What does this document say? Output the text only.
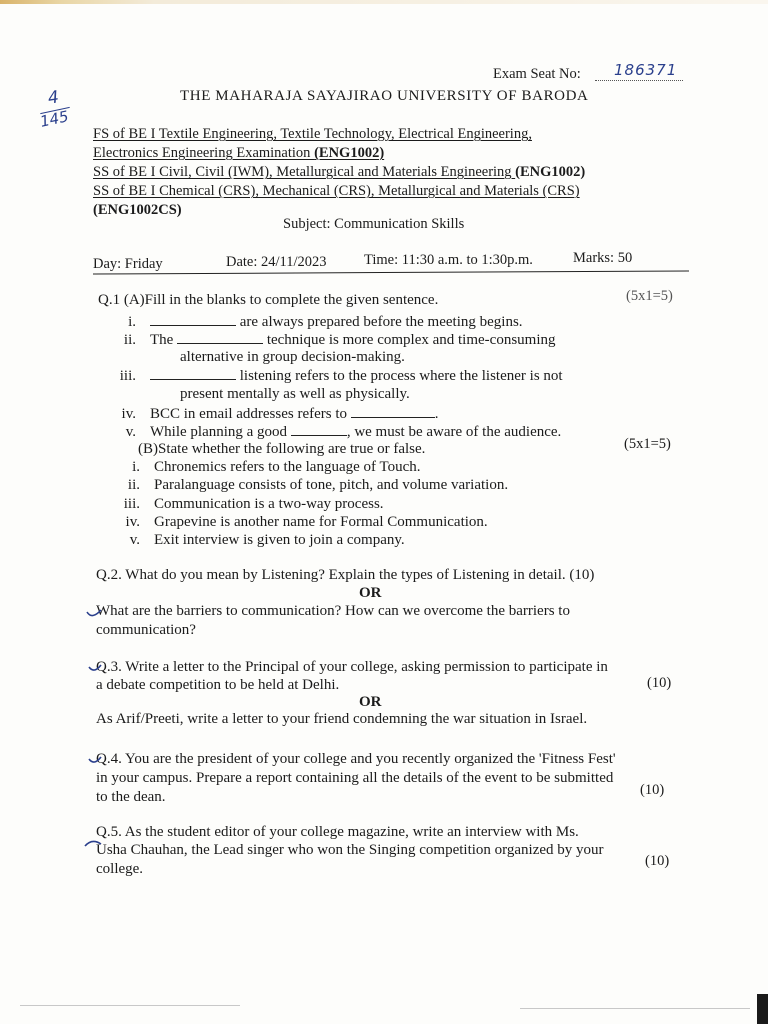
Exam Seat No: 186371
4
145
THE MAHARAJA SAYAJIRAO UNIVERSITY OF BARODA
FS of BE I Textile Engineering, Textile Technology, Electrical Engineering,
Electronics Engineering Examination (ENG1002)
SS of BE I Civil, Civil (IWM), Metallurgical and Materials Engineering (ENG1002)
SS of BE I Chemical (CRS), Mechanical (CRS), Metallurgical and Materials (CRS)
(ENG1002CS)
Subject: Communication Skills
Day: Friday	Date: 24/11/2023	Time: 11:30 a.m. to 1:30p.m.	Marks: 50
Q.1 (A)Fill in the blanks to complete the given sentence.	(5x1=5)
i.	are always prepared before the meeting begins.
ii. The	technique is more complex and time-consuming
alternative in group decision-making.
iii.	listening refers to the process where the listener is not
present mentally as well as physically.
iv. BCC in email addresses refers to	.
v. While planning a good	, we must be aware of the audience.
(B)State whether the following are true or false.	(5x1=5)
i. Chronemics refers to the language of Touch.
ii. Paralanguage consists of tone, pitch, and volume variation.
iii. Communication is a two-way process.
iv. Grapevine is another name for Formal Communication.
v. Exit interview is given to join a company.
Q.2. What do you mean by Listening? Explain the types of Listening in detail. (10)
OR
What are the barriers to communication? How can we overcome the barriers to
communication?
Q.3. Write a letter to the Principal of your college, asking permission to participate in
a debate competition to be held at Delhi.	(10)
OR
As Arif/Preeti, write a letter to your friend condemning the war situation in Israel.
Q.4. You are the president of your college and you recently organized the 'Fitness Fest'
in your campus. Prepare a report containing all the details of the event to be submitted
to the dean.	(10)
Q.5. As the student editor of your college magazine, write an interview with Ms.
Usha Chauhan, the Lead singer who won the Singing competition organized by your
college.	(10)
